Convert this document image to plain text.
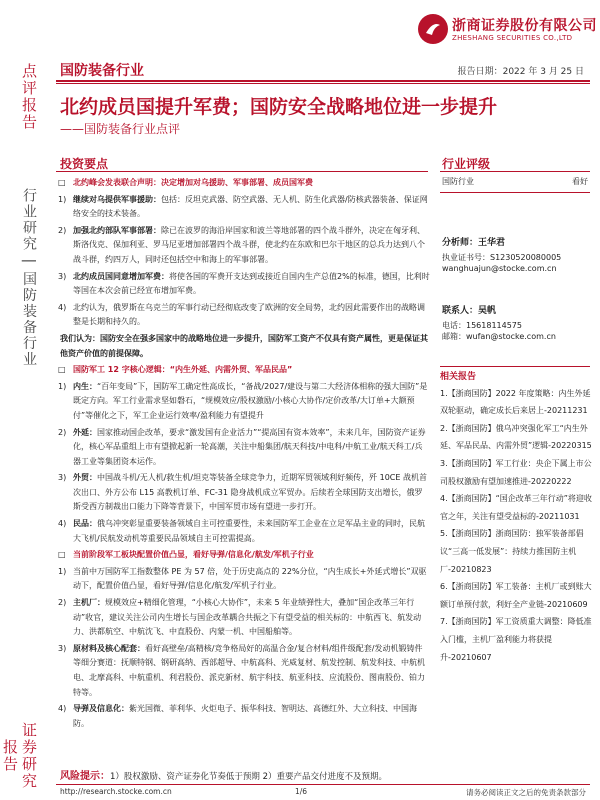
浙商证券股份有限公司
ZHESHANG SECURITIES CO.,LTD
国防装备行业	报告日期：2022 年 3 月 25 日
北约成员国提升军费；国防安全战略地位进一步提升
——国防装备行业点评
点评报告
行业研究 | 国防装备行业
证券研究报告
投资要点
□ 北约峰会发表联合声明：决定增加对乌援助、军事部署、成员国军费
1) 继续对乌提供军事援助：包括：反坦克武器、防空武器、无人机、防生化武器/防核武器装备、保证网络安全的技术装备。
2) 加强北约部队军事部署：除已在波罗的海沿岸国家和波兰等地部署的四个战斗群外，决定在匈牙利、斯洛伐克、保加利亚、罗马尼亚增加部署四个战斗群，使北约在东欧和巴尔干地区的总兵力达到八个战斗群，约四万人，同时还包括空中和海上的军事部署。
3) 北约成员国同意增加军费：将使各国的军费开支达到或接近自国内生产总值2%的标准，德国，比利时等国在本次会前已经宣布增加军费。
4) 北约认为，俄罗斯在乌克兰的军事行动已经彻底改变了欧洲的安全局势，北约因此需要作出的战略调整是长期和持久的。
我们认为：国防安全在强多国家中的战略地位进一步提升，国防军工资产不仅具有资产属性，更是保证其他资产价值的前提保障。
□ 国防军工 12 字核心逻辑：“内生外延、内需外贸、军品民品”
1) 内生：“百年变局”下，国防军工确定性高成长，“备战/2027/建设与第二大经济体相称的强大国防”是既定方向。军工行业需求坚如磐石，“规模效应/股权激励/小核心大协作/定价改革/大订单+大额预付”等催化之下，军工企业运行效率/盈利能力有望提升
2) 外延：国家推动国企改革，要求“激发国有企业活力”“提高国有资本效率”，未来几年，国防资产证券化，核心军品重组上市有望掀起新一轮高潮，关注中船集团/航天科技/中电科/中航工业/航天科工/兵器工业等集团资本运作。
3) 外贸：中国战斗机/无人机/救生机/坦克等装备全球竞争力，近期军贸领域利好频传，歼 10CE 战机首次出口、外方公布 L15 高教机订单、FC-31 隐身战机成立军贸办。后续若全球国防支出增长，俄罗斯受西方制裁出口能力下降等背景下，中国军贸市场有望进一步打开。
4) 民品：俄乌冲突彰显重要装备领域自主可控重要性，未来国防军工企业在立足军品主业的同时，民航大飞机/民航发动机等重要民品领域自主可控需提高。
□ 当前阶段军工板块配置价值凸显，看好导弹/信息化/航发/军机子行业
1) 当前中万国防军工指数整体 PE 为 57 倍，处于历史高点的 22%分位，“内生成长+外延式增长”双驱动下，配置价值凸显，看好导弹/信息化/航发/军机子行业。
2) 主机厂：规模效应+精细化管理，“小核心大协作”，未来 5 年业绩弹性大，叠加“国企改革三年行动”收官，建议关注公司内生增长与国企改革耦合共振之下有望受益的相关标的：中航西飞、航发动力、洪都航空、中航沈飞、中直股份、内蒙一机、中国船舶等。
3) 原材料及核心配套：看好高壁垒/高精核/竞争格局好的高温合金/复合材料/组件级配套/发动机锻铸件等细分赛道：抚顺特钢、钢研高纳、西部超导、中航高科、光威复材、航发控制、航发科技、中航机电、北摩高科、中航重机、利君股份、派克新材、航宇科技、航亚科技、应流股份、图南股份、铂力特等。
4) 导弹及信息化：紫光国微、菲利华、火炬电子、振华科技、智明达、高德红外、大立科技、中国海防。
风险提示：1）股权激励、资产证券化节奏低于预期 2）重要产品交付进度不及预期。
行业评级
国防行业	看好
分析师：王华君
执业证书号：S1230520080005
wanghuajun@stocke.com.cn
联系人：吴帆
电话：15618114575
邮箱：wufan@stocke.com.cn
相关报告
1.【浙商国防】2022 年度策略：内生外延双轮驱动，确定成长后来居上-20211231
2.【浙商国防】俄乌冲突强化军工“内生外延、军品民品、内需外贸”逻辑-20220315
3.【浙商国防】军工行业：央企下属上市公司股权激励有望加速推进-20220222
4.【浙商国防】“国企改革三年行动”将迎收官之年，关注有望受益标的-20211031
5.【浙商国防】浙商国防：独军装备部倡议“三高一低发展”：持续力推国防主机厂-20210823
6.【浙商国防】军工装备：主机厂或到账大额订单预付款，利好全产业链-20210609
7.【浙商国防】军工资质重大调整：降低准入门槛，主机厂盈利能力将获提升-20210607
http://research.stocke.com.cn	1/6	请务必阅读正文之后的免责条款部分
